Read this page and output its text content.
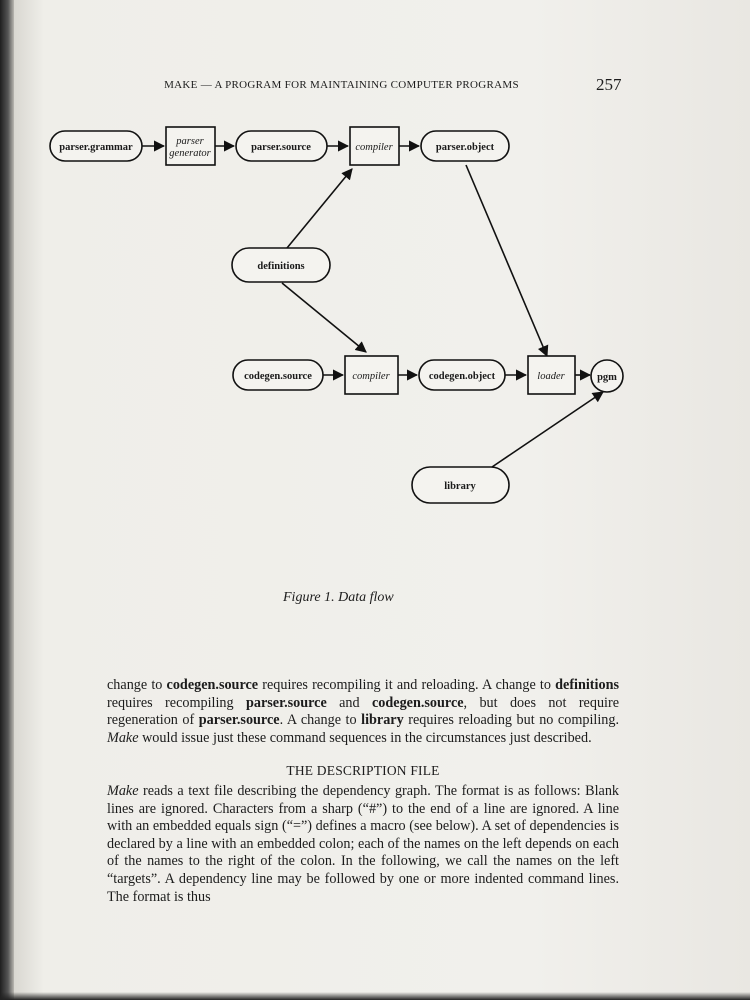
MAKE — A PROGRAM FOR MAINTAINING COMPUTER PROGRAMS	257
parser.grammar
parser
generator
parser.source	compiler	parser.object
definitions
codegen.source	compiler	codegen.object	loader	pgm
library
Figure 1. Data flow

change to codegen.source requires recompiling it and reloading. A change to definitions requires recompiling parser.source and codegen.source, but does not require regeneration of parser.source. A change to library requires reloading but no compiling. Make would issue just these command sequences in the circumstances just described.

THE DESCRIPTION FILE

Make reads a text file describing the dependency graph. The format is as follows: Blank lines are ignored. Characters from a sharp (“#”) to the end of a line are ignored. A line with an embedded equals sign (“=”) defines a macro (see below). A set of dependencies is declared by a line with an embedded colon; each of the names on the left depends on each of the names to the right of the colon. In the following, we call the names on the left “targets”. A dependency line may be followed by one or more indented command lines. The format is thus
